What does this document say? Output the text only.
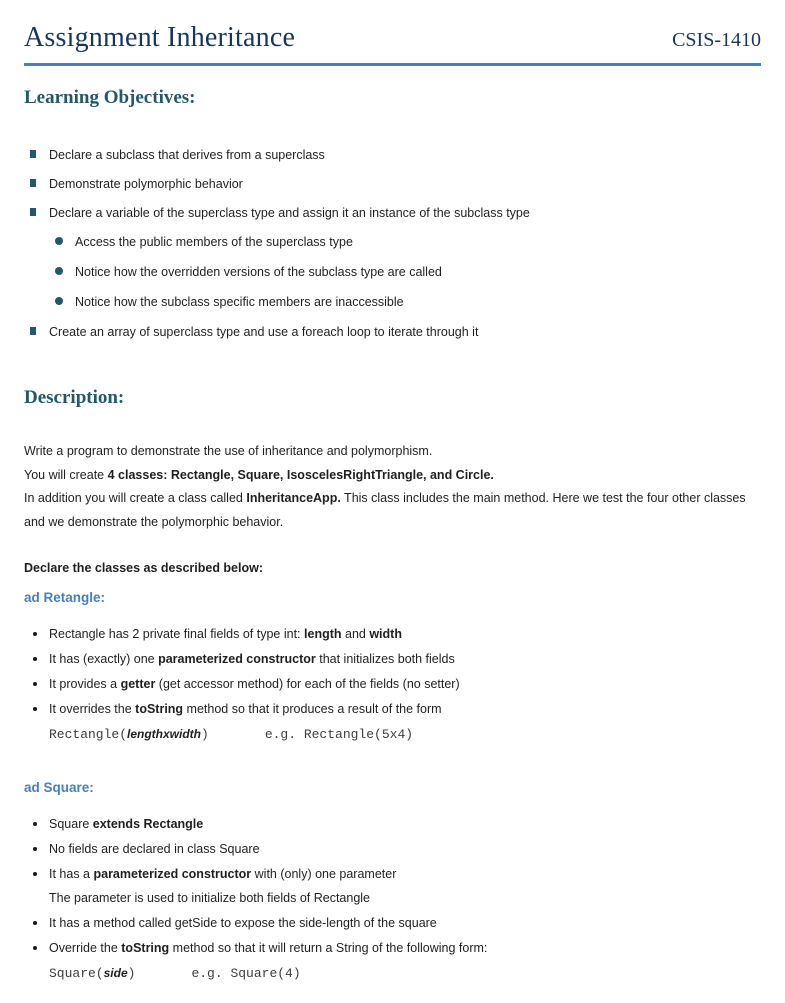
Assignment Inheritance	CSIS-1410
Learning Objectives:
Declare a subclass that derives from a superclass
Demonstrate polymorphic behavior
Declare a variable of the superclass type and assign it an instance of the subclass type
Access the public members of the superclass type
Notice how the overridden versions of the subclass type are called
Notice how the subclass specific members are inaccessible
Create an array of superclass type and use a foreach loop to iterate through it
Description:

Write a program to demonstrate the use of inheritance and polymorphism.

You will create 4 classes: Rectangle, Square, IsoscelesRightTriangle, and Circle.

In addition you will create a class called InheritanceApp. This class includes the main method. Here we test the four other classes and we demonstrate the polymorphic behavior.

Declare the classes as described below:

ad Retangle:
Rectangle has 2 private final fields of type int: length and width
It has (exactly) one parameterized constructor that initializes both fields
It provides a getter (get accessor method) for each of the fields (no setter)
It overrides the toString method so that it produces a result of the form
Rectangle(lengthxwidth)	e.g. Rectangle(5x4)
ad Square:
Square extends Rectangle
No fields are declared in class Square
It has a parameterized constructor with (only) one parameter
The parameter is used to initialize both fields of Rectangle
It has a method called getSide to expose the side-length of the square
Override the toString method so that it will return a String of the following form:
Square(side)	e.g. Square(4)
